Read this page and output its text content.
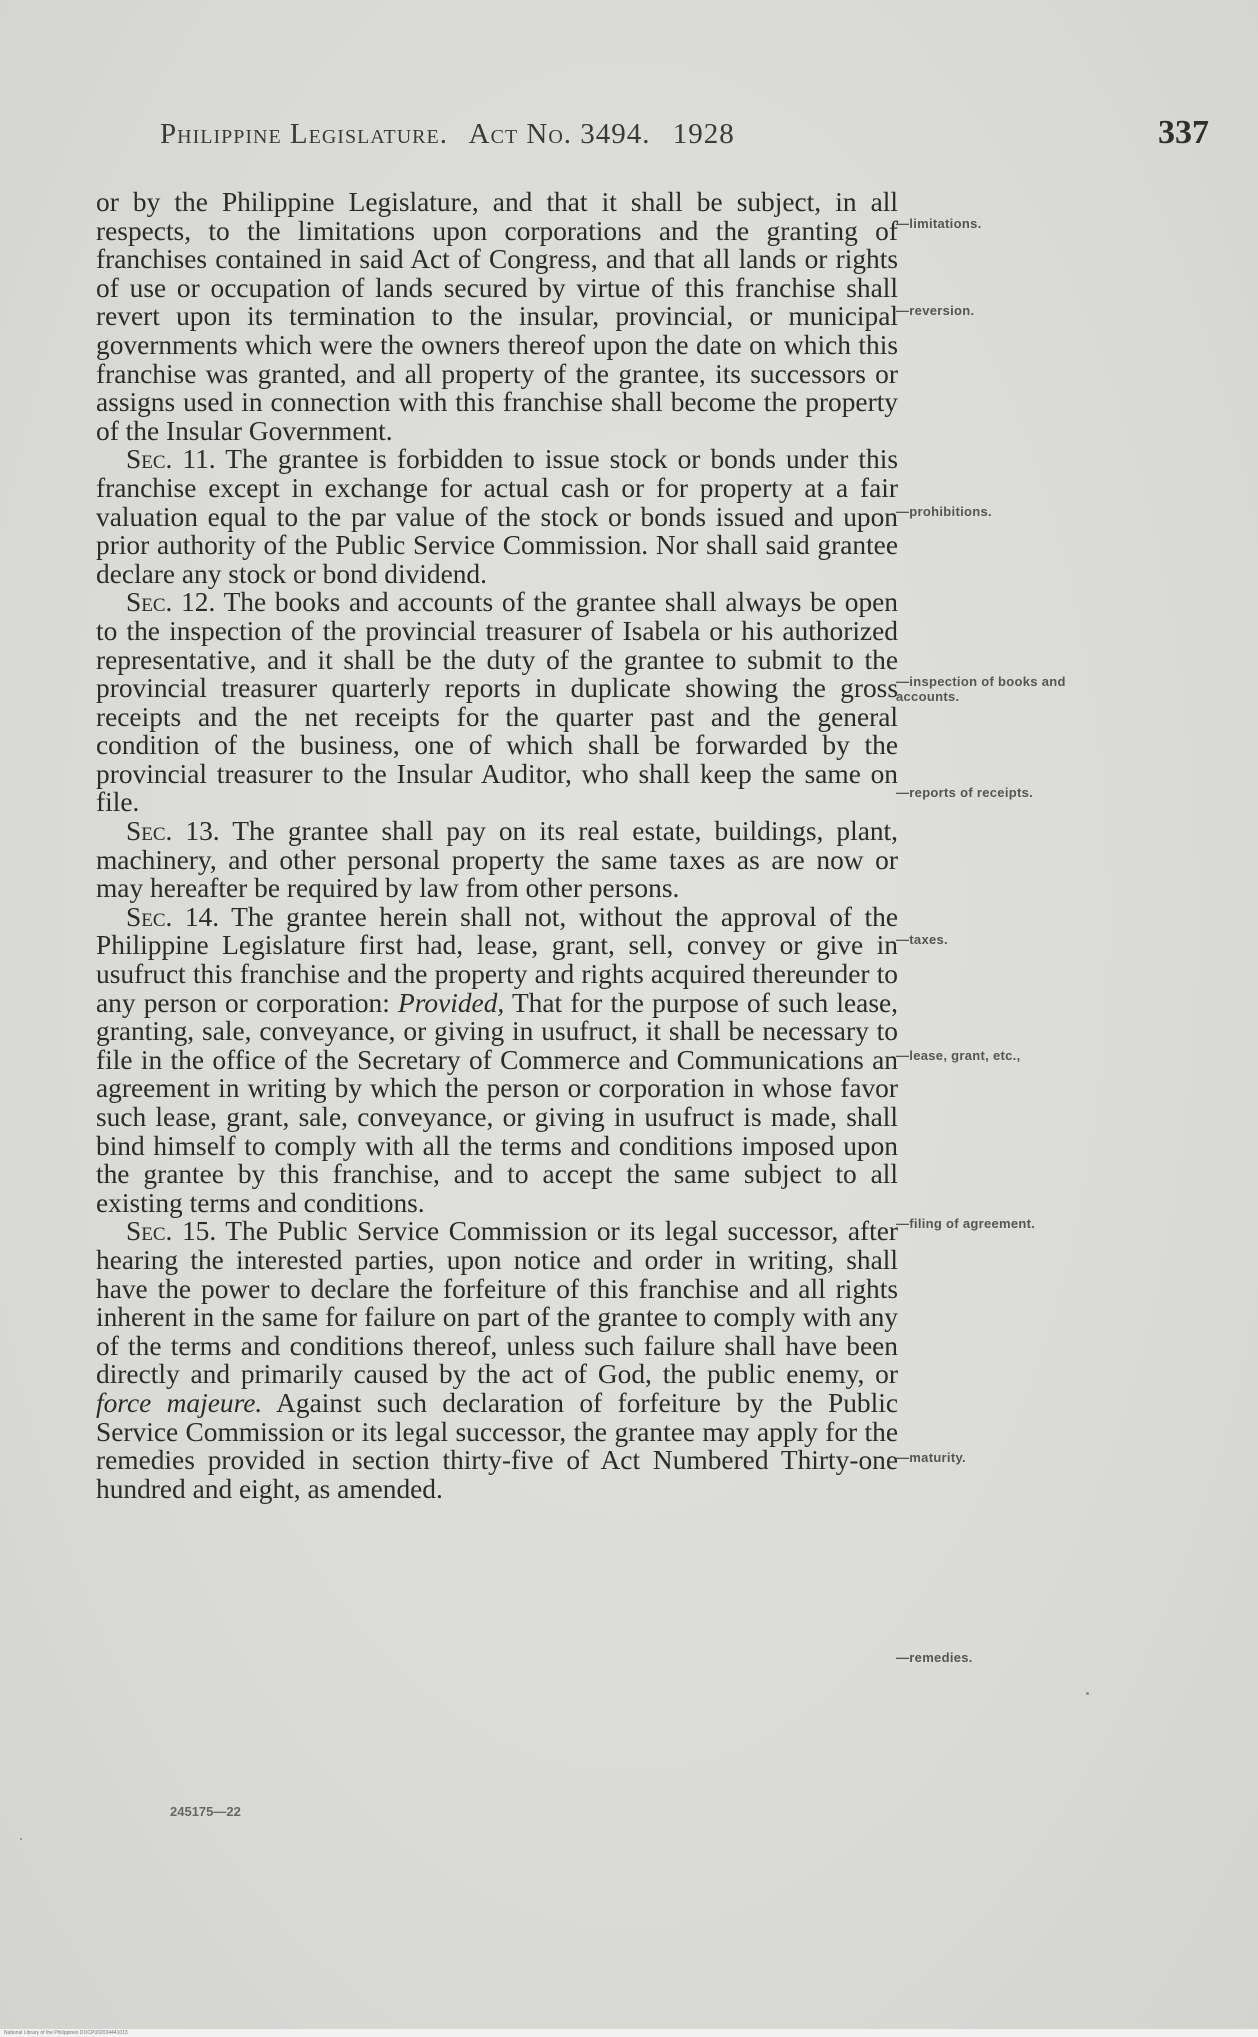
Philippine Legislature. Act No. 3494. 1928	337

or by the Philippine Legislature, and that it shall be subject, in all respects, to the limitations upon corporations and the granting of franchises contained in said Act of Congress, and that all lands or rights of use or occupation of lands secured by virtue of this franchise shall revert upon its termination to the insular, provincial, or municipal governments which were the owners thereof upon the date on which this franchise was granted, and all property of the grantee, its successors or assigns used in connection with this franchise shall become the property of the Insular Government.

Sec. 11. The grantee is forbidden to issue stock or bonds under this franchise except in exchange for actual cash or for property at a fair valuation equal to the par value of the stock or bonds issued and upon prior authority of the Public Service Commission. Nor shall said grantee declare any stock or bond dividend.

Sec. 12. The books and accounts of the grantee shall always be open to the inspection of the provincial treasurer of Isabela or his authorized representative, and it shall be the duty of the grantee to submit to the provincial treasurer quarterly reports in duplicate showing the gross receipts and the net receipts for the quarter past and the general condition of the business, one of which shall be forwarded by the provincial treasurer to the Insular Auditor, who shall keep the same on file.

Sec. 13. The grantee shall pay on its real estate, buildings, plant, machinery, and other personal property the same taxes as are now or may hereafter be required by law from other persons.

Sec. 14. The grantee herein shall not, without the approval of the Philippine Legislature first had, lease, grant, sell, convey or give in usufruct this franchise and the property and rights acquired thereunder to any person or corporation: Provided, That for the purpose of such lease, granting, sale, conveyance, or giving in usufruct, it shall be necessary to file in the office of the Secretary of Commerce and Communications an agreement in writing by which the person or corporation in whose favor such lease, grant, sale, conveyance, or giving in usufruct is made, shall bind himself to comply with all the terms and conditions imposed upon the grantee by this franchise, and to accept the same subject to all existing terms and conditions.

Sec. 15. The Public Service Commission or its legal successor, after hearing the interested parties, upon notice and order in writing, shall have the power to declare the forfeiture of this franchise and all rights inherent in the same for failure on part of the grantee to comply with any of the terms and conditions thereof, unless such failure shall have been directly and primarily caused by the act of God, the public enemy, or force majeure. Against such declaration of forfeiture by the Public Service Commission or its legal successor, the grantee may apply for the remedies provided in section thirty-five of Act Numbered Thirty-one hundred and eight, as amended.

—limitations.
—reversion.
—prohibitions.
—inspection of books and accounts.
—reports of receipts.
—taxes.
—lease, grant, etc.,
—filing of agreement.
—maturity.
—remedies.
245175—22
National Library of the Philippines DOCP002034441013
